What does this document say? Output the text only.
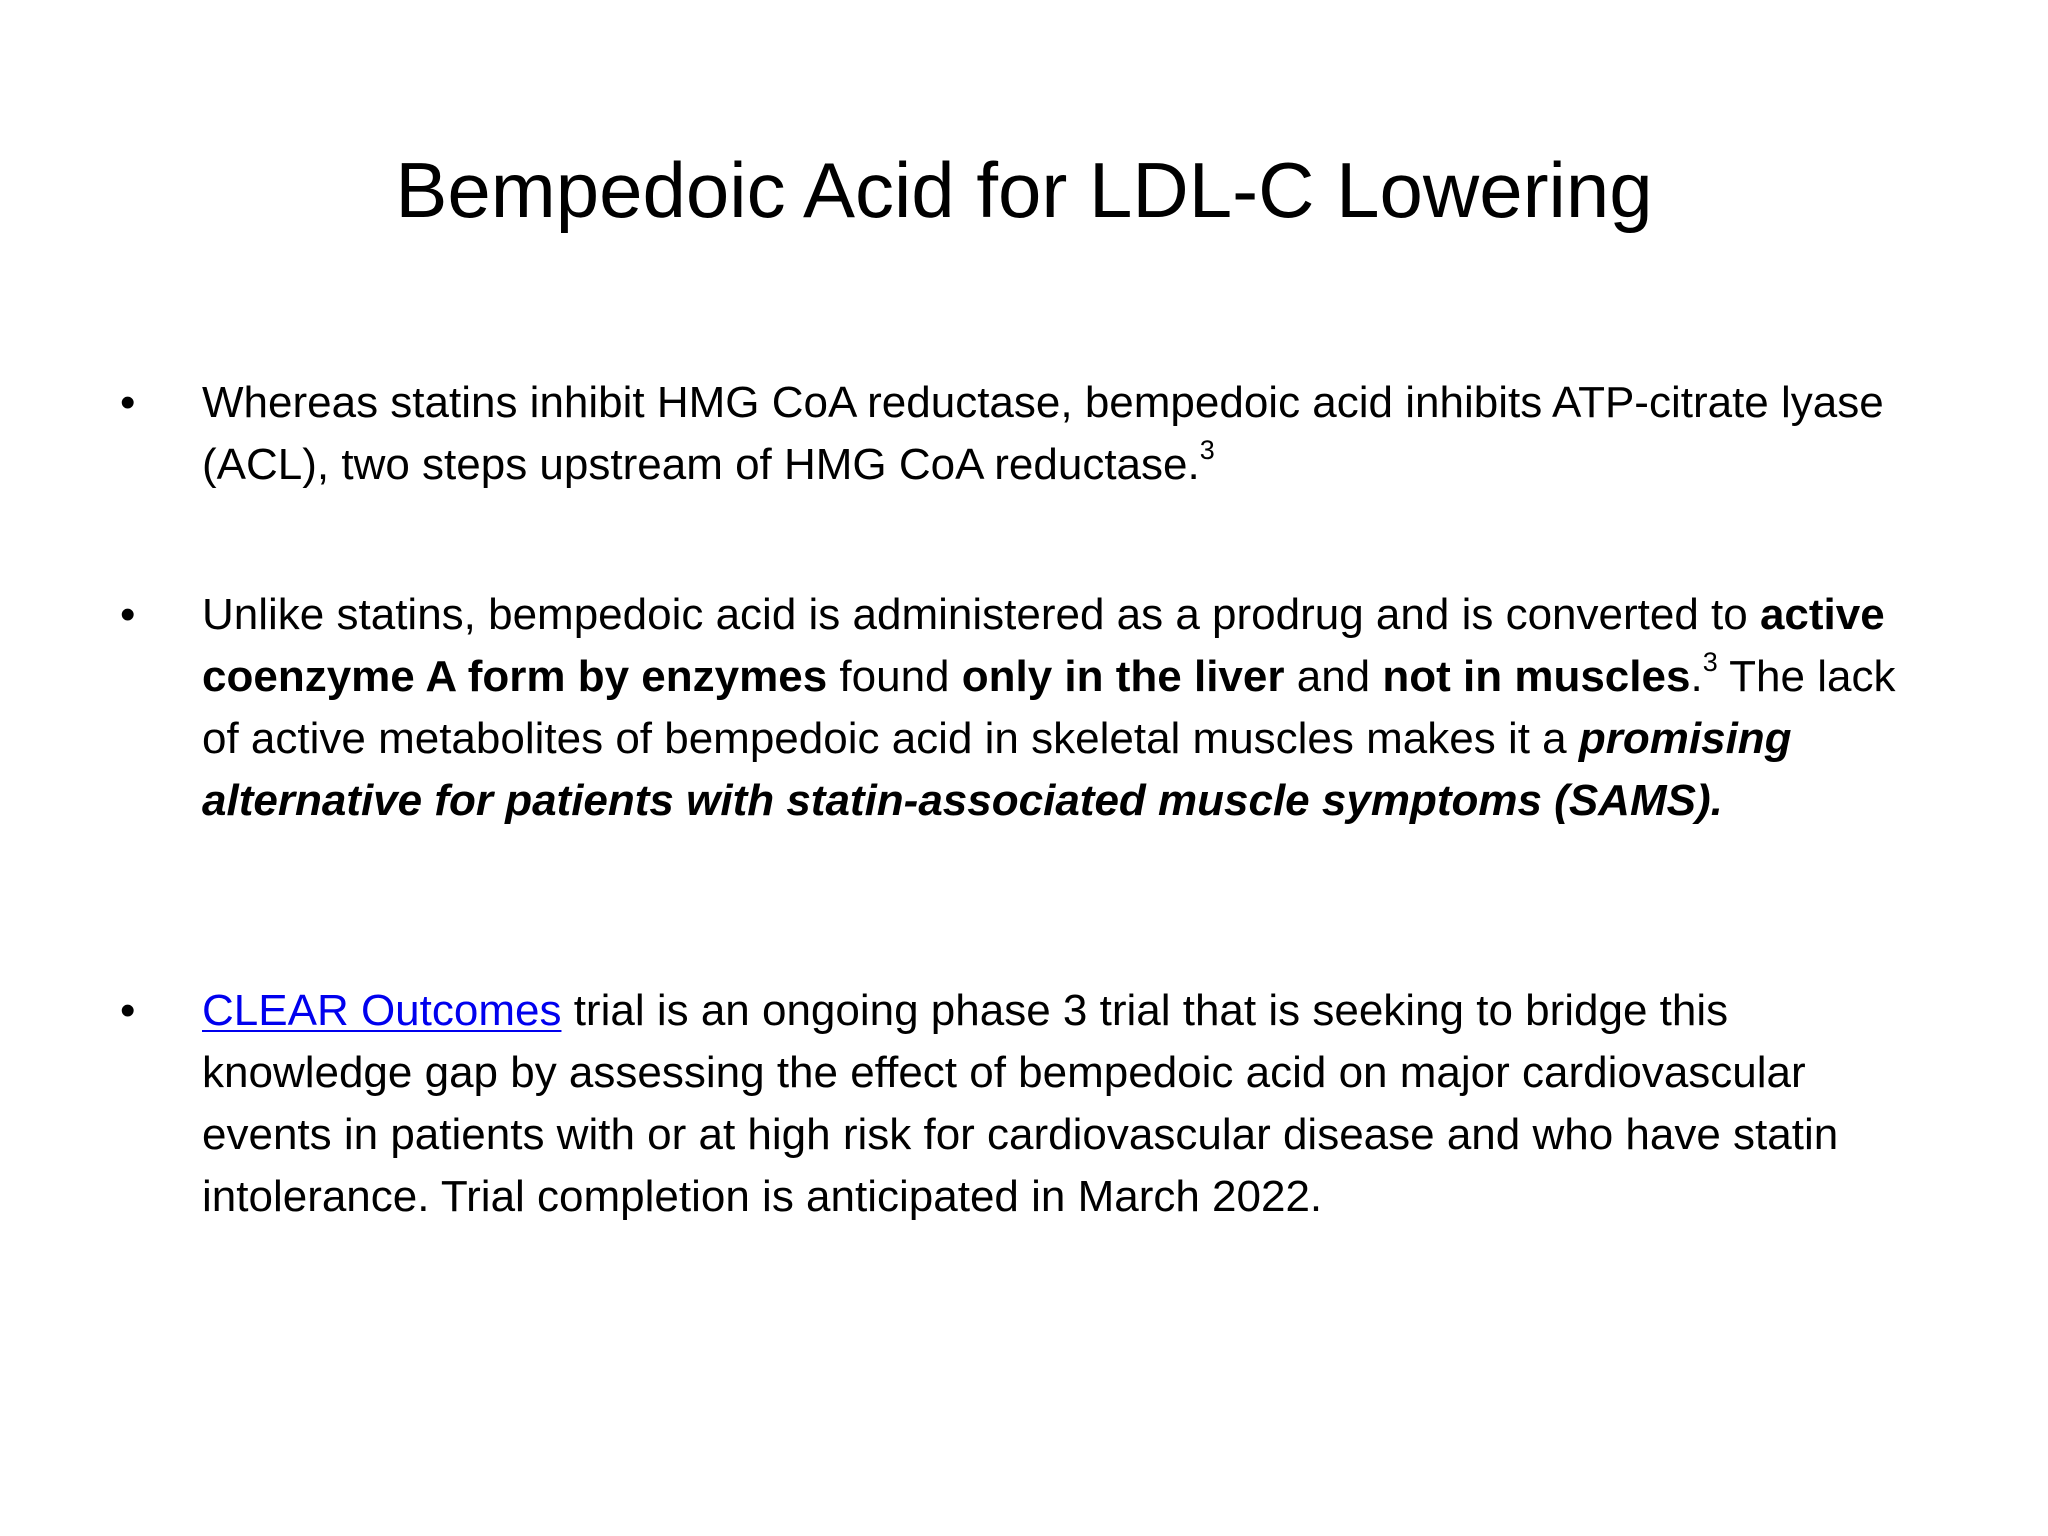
Bempedoic Acid for LDL-C Lowering
• Whereas statins inhibit HMG CoA reductase, bempedoic acid inhibits ATP-citrate lyase (ACL), two steps upstream of HMG CoA reductase.$^3$

• Unlike statins, bempedoic acid is administered as a prodrug and is converted to active coenzyme A form by enzymes found only in the liver and not in muscles.$^3$ The lack of active metabolites of bempedoic acid in skeletal muscles makes it a promising alternative for patients with statin-associated muscle symptoms (SAMS).

• CLEAR Outcomes trial is an ongoing phase 3 trial that is seeking to bridge this knowledge gap by assessing the effect of bempedoic acid on major cardiovascular events in patients with or at high risk for cardiovascular disease and who have statin intolerance. Trial completion is anticipated in March 2022.
